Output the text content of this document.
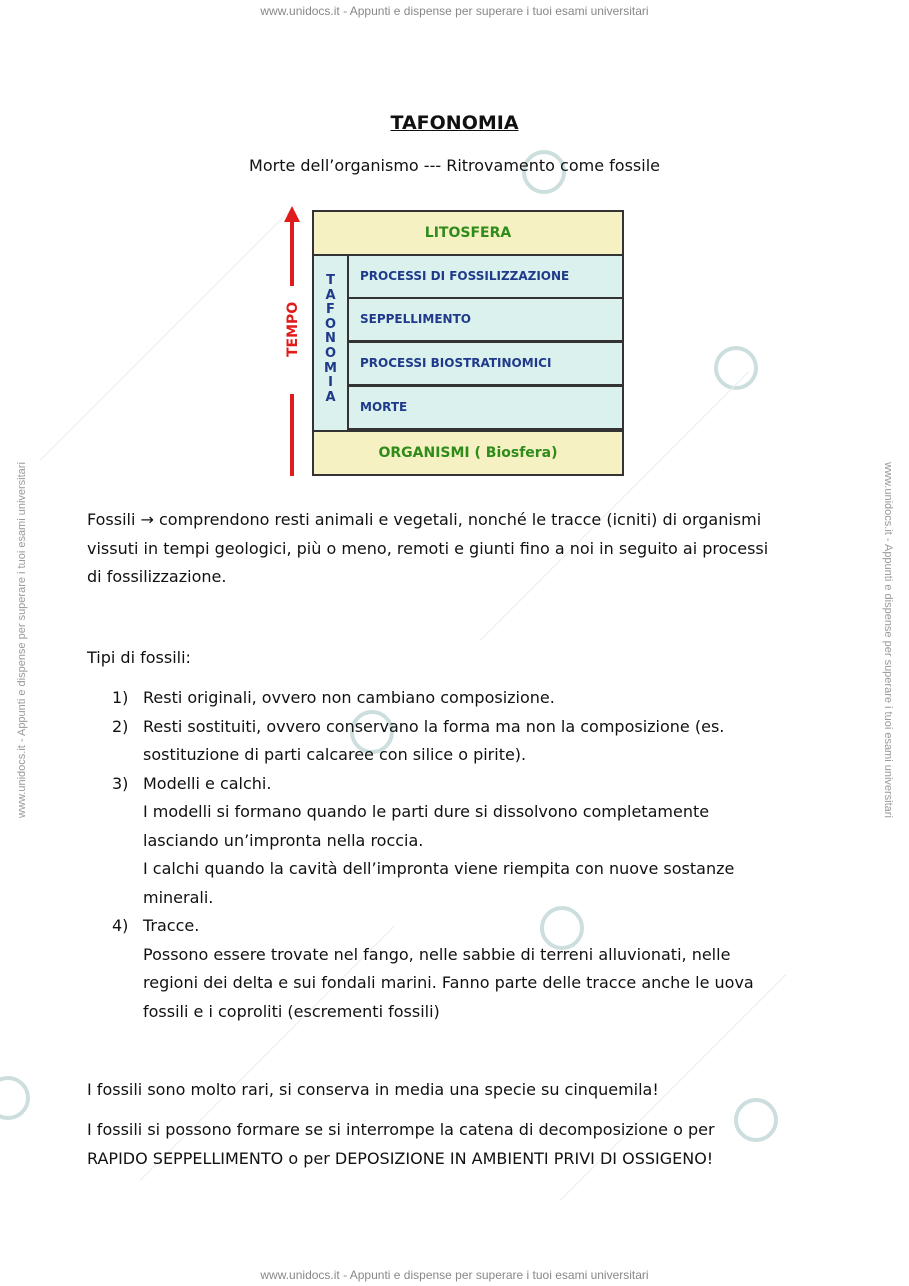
www.unidocs.it - Appunti e dispense per superare i tuoi esami universitari
www.unidocs.it - Appunti e dispense per superare i tuoi esami universitari
www.unidocs.it - Appunti e dispense per superare i tuoi esami universitari	www.unidocs.it - Appunti e dispense per superare i tuoi esami universitari
TAFONOMIA
Morte dell’organismo --- Ritrovamento come fossile
TEMPO
LITOSFERA
T
A
F
O
N
O
M
I
A
PROCESSI DI FOSSILIZZAZIONE
SEPPELLIMENTO
PROCESSI BIOSTRATINOMICI
MORTE
ORGANISMI ( Biosfera)
Fossili → comprendono resti animali e vegetali, nonché le tracce (icniti) di organismi
vissuti in tempi geologici, più o meno, remoti e giunti fino a noi in seguito ai processi
di fossilizzazione.
Tipi di fossili:
1) Resti originali, ovvero non cambiano composizione.
2) Resti sostituiti, ovvero conservano la forma ma non la composizione (es.
sostituzione di parti calcaree con silice o pirite).
3) Modelli e calchi.
I modelli si formano quando le parti dure si dissolvono completamente
lasciando un’impronta nella roccia.
I calchi quando la cavità dell’impronta viene riempita con nuove sostanze
minerali.
4) Tracce.
Possono essere trovate nel fango, nelle sabbie di terreni alluvionati, nelle
regioni dei delta e sui fondali marini. Fanno parte delle tracce anche le uova
fossili e i coproliti (escrementi fossili)
I fossili sono molto rari, si conserva in media una specie su cinquemila!
I fossili si possono formare se si interrompe la catena di decomposizione o per
RAPIDO SEPPELLIMENTO o per DEPOSIZIONE IN AMBIENTI PRIVI DI OSSIGENO!
